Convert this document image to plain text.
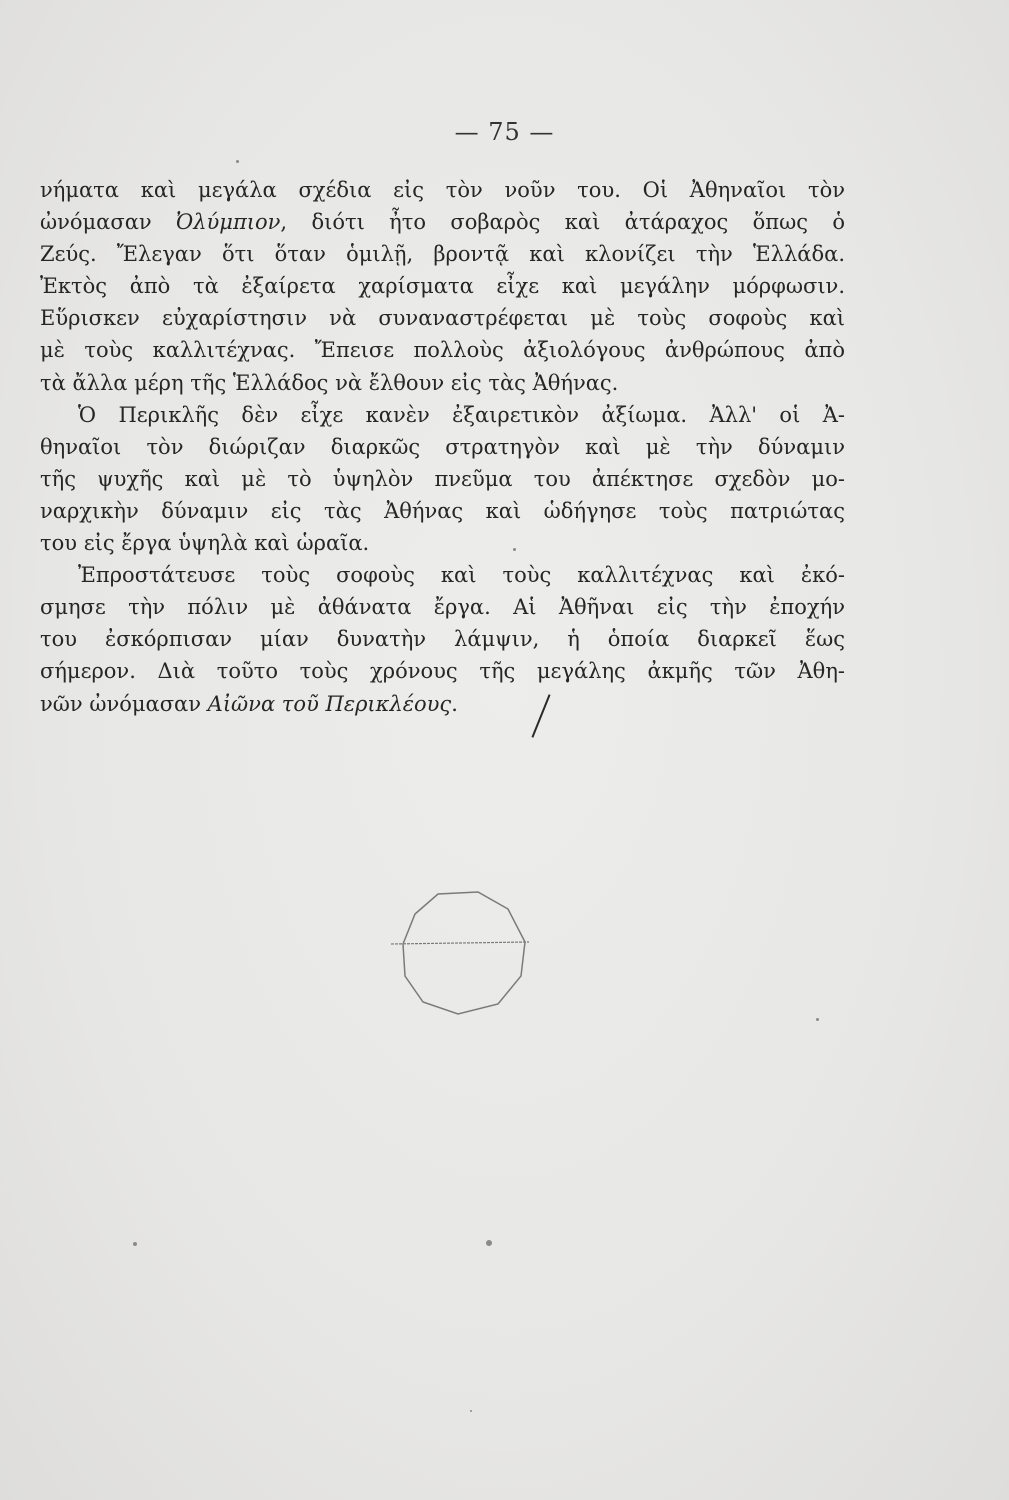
— 75 —
νήματα καὶ μεγάλα σχέδια εἰς τὸν νοῦν του. Οἱ Ἀθηναῖοι τὸν
ὠνόμασαν Ὀλύμπιον, διότι ἦτο σοβαρὸς καὶ ἀτάραχος ὅπως ὁ
Ζεύς. Ἔλεγαν ὅτι ὅταν ὁμιλῇ, βροντᾷ καὶ κλονίζει τὴν Ἑλλάδα.
Ἐκτὸς ἀπὸ τὰ ἐξαίρετα χαρίσματα εἶχε καὶ μεγάλην μόρφωσιν.
Εὕρισκεν εὐχαρίστησιν νὰ συναναστρέφεται μὲ τοὺς σοφοὺς καὶ
μὲ τοὺς καλλιτέχνας. Ἔπεισε πολλοὺς ἀξιολόγους ἀνθρώπους ἀπὸ
τὰ ἄλλα μέρη τῆς Ἑλλάδος νὰ ἔλθουν εἰς τὰς Ἀθήνας.
Ὁ Περικλῆς δὲν εἶχε κανὲν ἐξαιρετικὸν ἀξίωμα. Ἀλλ' οἱ Ἀ-
θηναῖοι τὸν διώριζαν διαρκῶς στρατηγὸν καὶ μὲ τὴν δύναμιν
τῆς ψυχῆς καὶ μὲ τὸ ὑψηλὸν πνεῦμα του ἀπέκτησε σχεδὸν μο-
ναρχικὴν δύναμιν εἰς τὰς Ἀθήνας καὶ ὡδήγησε τοὺς πατριώτας
του εἰς ἔργα ὑψηλὰ καὶ ὡραῖα.
Ἐπροστάτευσε τοὺς σοφοὺς καὶ τοὺς καλλιτέχνας καὶ ἐκό-
σμησε τὴν πόλιν μὲ ἀθάνατα ἔργα. Αἱ Ἀθῆναι εἰς τὴν ἐποχήν
του ἐσκόρπισαν μίαν δυνατὴν λάμψιν, ἡ ὁποία διαρκεῖ ἕως
σήμερον. Διὰ τοῦτο τοὺς χρόνους τῆς μεγάλης ἀκμῆς τῶν Ἀθη-
νῶν ὠνόμασαν Αἰῶνα τοῦ Περικλέους.
